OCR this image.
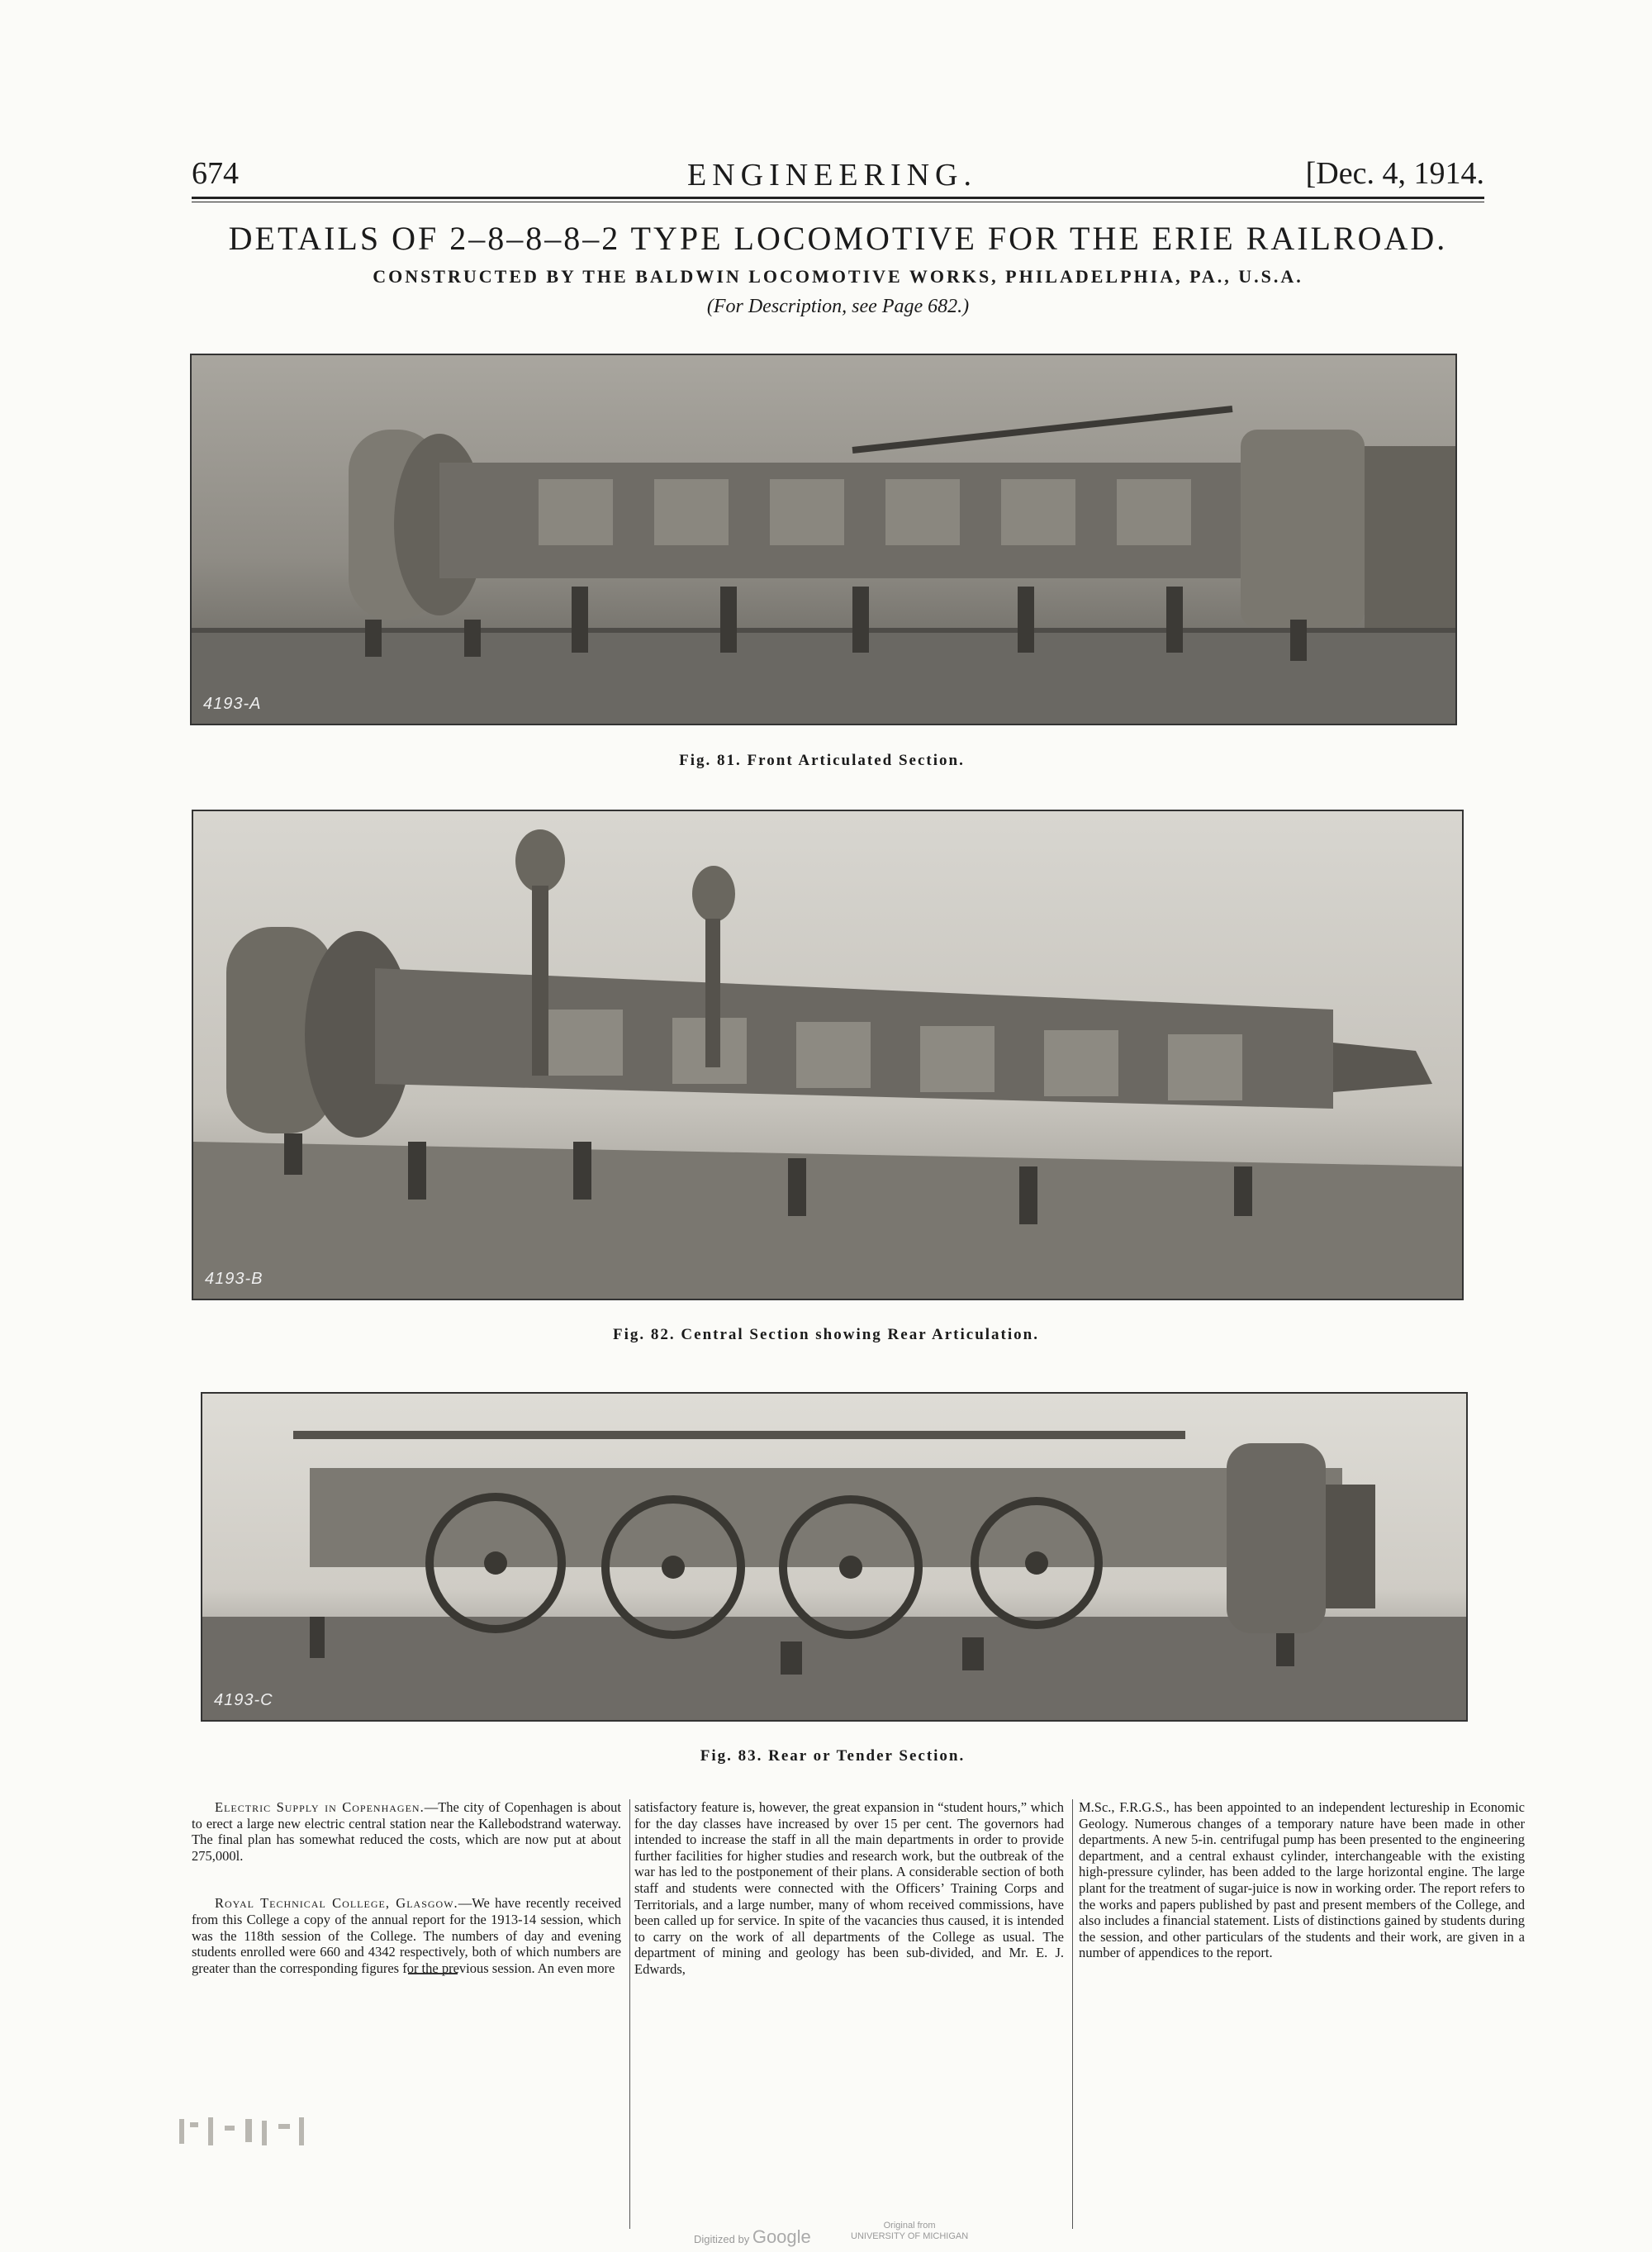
674	ENGINEERING.	[Dec. 4, 1914.
DETAILS OF 2–8–8–8–2 TYPE LOCOMOTIVE FOR THE ERIE RAILROAD.
CONSTRUCTED BY THE BALDWIN LOCOMOTIVE WORKS, PHILADELPHIA, PA., U.S.A.
(For Description, see Page 682.)
4193-A
Fig. 81. Front Articulated Section.
4193-B
Fig. 82. Central Section showing Rear Articulation.
4193-C
Fig. 83. Rear or Tender Section.

Electric Supply in Copenhagen.—The city of Copenhagen is about to erect a large new electric central station near the Kallebodstrand waterway. The final plan has somewhat reduced the costs, which are now put at about 275,000l.

Royal Technical College, Glasgow.—We have recently received from this College a copy of the annual report for the 1913-14 session, which was the 118th session of the College. The numbers of day and evening students enrolled were 660 and 4342 respectively, both of which numbers are greater than the corresponding figures for the previous session. An even more

satisfactory feature is, however, the great expansion in “student hours,” which for the day classes have increased by over 15 per cent. The governors had intended to increase the staff in all the main departments in order to provide further facilities for higher studies and research work, but the outbreak of the war has led to the postponement of their plans. A considerable section of both staff and students were connected with the Officers’ Training Corps and Territorials, and a large number, many of whom received commissions, have been called up for service. In spite of the vacancies thus caused, it is intended to carry on the work of all departments of the College as usual. The department of mining and geology has been sub-divided, and Mr. E. J. Edwards,

M.Sc., F.R.G.S., has been appointed to an independent lectureship in Economic Geology. Numerous changes of a temporary nature have been made in other departments. A new 5-in. centrifugal pump has been presented to the engineering department, and a central exhaust cylinder, interchangeable with the existing high-pressure cylinder, has been added to the large horizontal engine. The large plant for the treatment of sugar-juice is now in working order. The report refers to the works and papers published by past and present members of the College, and also includes a financial statement. Lists of distinctions gained by students during the session, and other particulars of the students and their work, are given in a number of appendices to the report.

Digitized by Google
Original from
UNIVERSITY OF MICHIGAN
